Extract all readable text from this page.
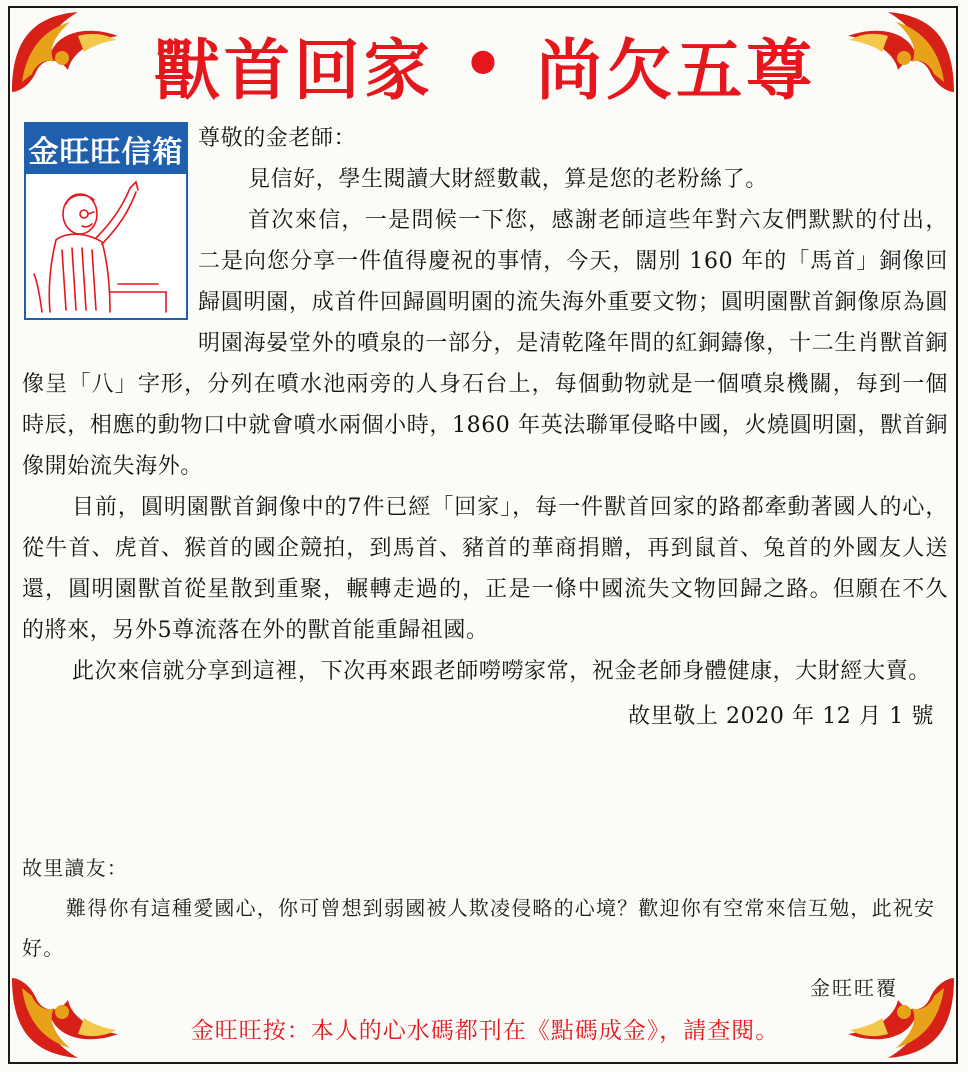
獸首回家 • 尚欠五尊
金旺旺信箱 尊敬的金老師：

見信好，學生閱讀大財經數載，算是您的老粉絲了。

首次來信，一是問候一下您，感謝老師這些年對六友們默默的付出，二是向您分享一件值得慶祝的事情，今天，闊別 160 年的「馬首」銅像回歸圓明園，成首件回歸圓明園的流失海外重要文物；圓明園獸首銅像原為圓明園海晏堂外的噴泉的一部分，是清乾隆年間的紅銅鑄像，十二生肖獸首銅像呈「八」字形，分列在噴水池兩旁的人身石台上，每個動物就是一個噴泉機關，每到一個時辰，相應的動物口中就會噴水兩個小時，1860 年英法聯軍侵略中國，火燒圓明園，獸首銅像開始流失海外。

目前，圓明園獸首銅像中的7件已經「回家」，每一件獸首回家的路都牽動著國人的心，從牛首、虎首、猴首的國企競拍，到馬首、豬首的華商捐贈，再到鼠首、兔首的外國友人送還，圓明園獸首從星散到重聚，輾轉走過的，正是一條中國流失文物回歸之路。但願在不久的將來，另外5尊流落在外的獸首能重歸祖國。

此次來信就分享到這裡，下次再來跟老師嘮嘮家常，祝金老師身體健康，大財經大賣。

故里敬上 2020 年 12 月 1 號

故里讀友：

難得你有這種愛國心，你可曾想到弱國被人欺凌侵略的心境？歡迎你有空常來信互勉，此祝安好。

金旺旺覆
金旺旺按：本人的心水碼都刊在《點碼成金》，請查閱。
